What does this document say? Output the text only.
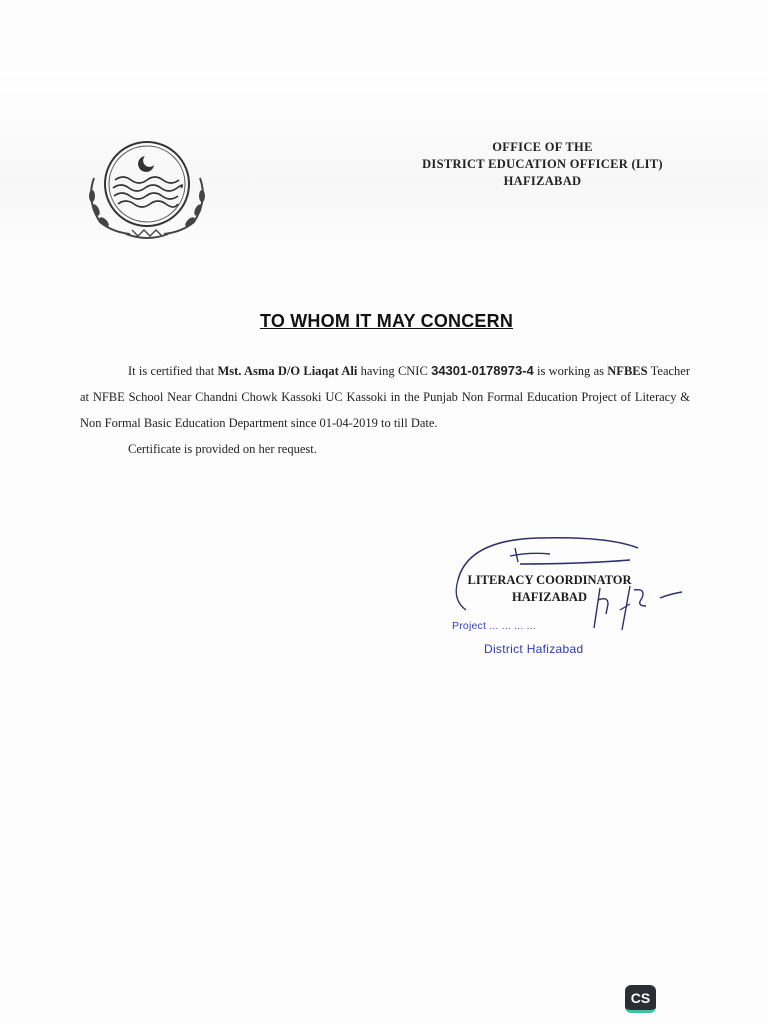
OFFICE OF THE
DISTRICT EDUCATION OFFICER (LIT)
HAFIZABAD
TO WHOM IT MAY CONCERN

It is certified that Mst. Asma D/O Liaqat Ali having CNIC 34301-0178973-4 is working as NFBES Teacher at NFBE School Near Chandni Chowk Kassoki UC Kassoki in the Punjab Non Formal Education Project of Literacy & Non Formal Basic Education Department since 01-04-2019 to till Date.

Certificate is provided on her request.

LITERACY COORDINATOR
HAFIZABAD
Project ... ... ... ...
District Hafizabad
CS
